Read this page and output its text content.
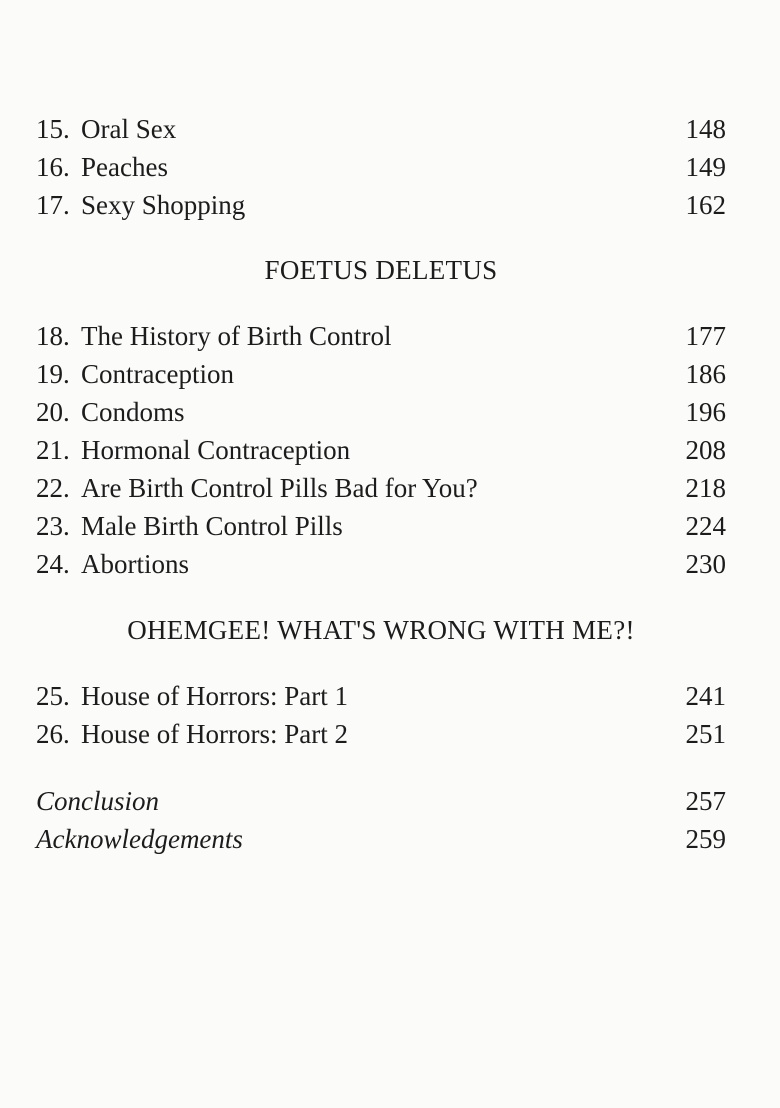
15. Oral Sex	148
16. Peaches	149
17. Sexy Shopping	162
FOETUS DELETUS
18. The History of Birth Control	177
19. Contraception	186
20. Condoms	196
21. Hormonal Contraception	208
22. Are Birth Control Pills Bad for You?	218
23. Male Birth Control Pills	224
24. Abortions	230
OHEMGEE! WHAT'S WRONG WITH ME?!
25. House of Horrors: Part 1	241
26. House of Horrors: Part 2	251
Conclusion	257
Acknowledgements	259
